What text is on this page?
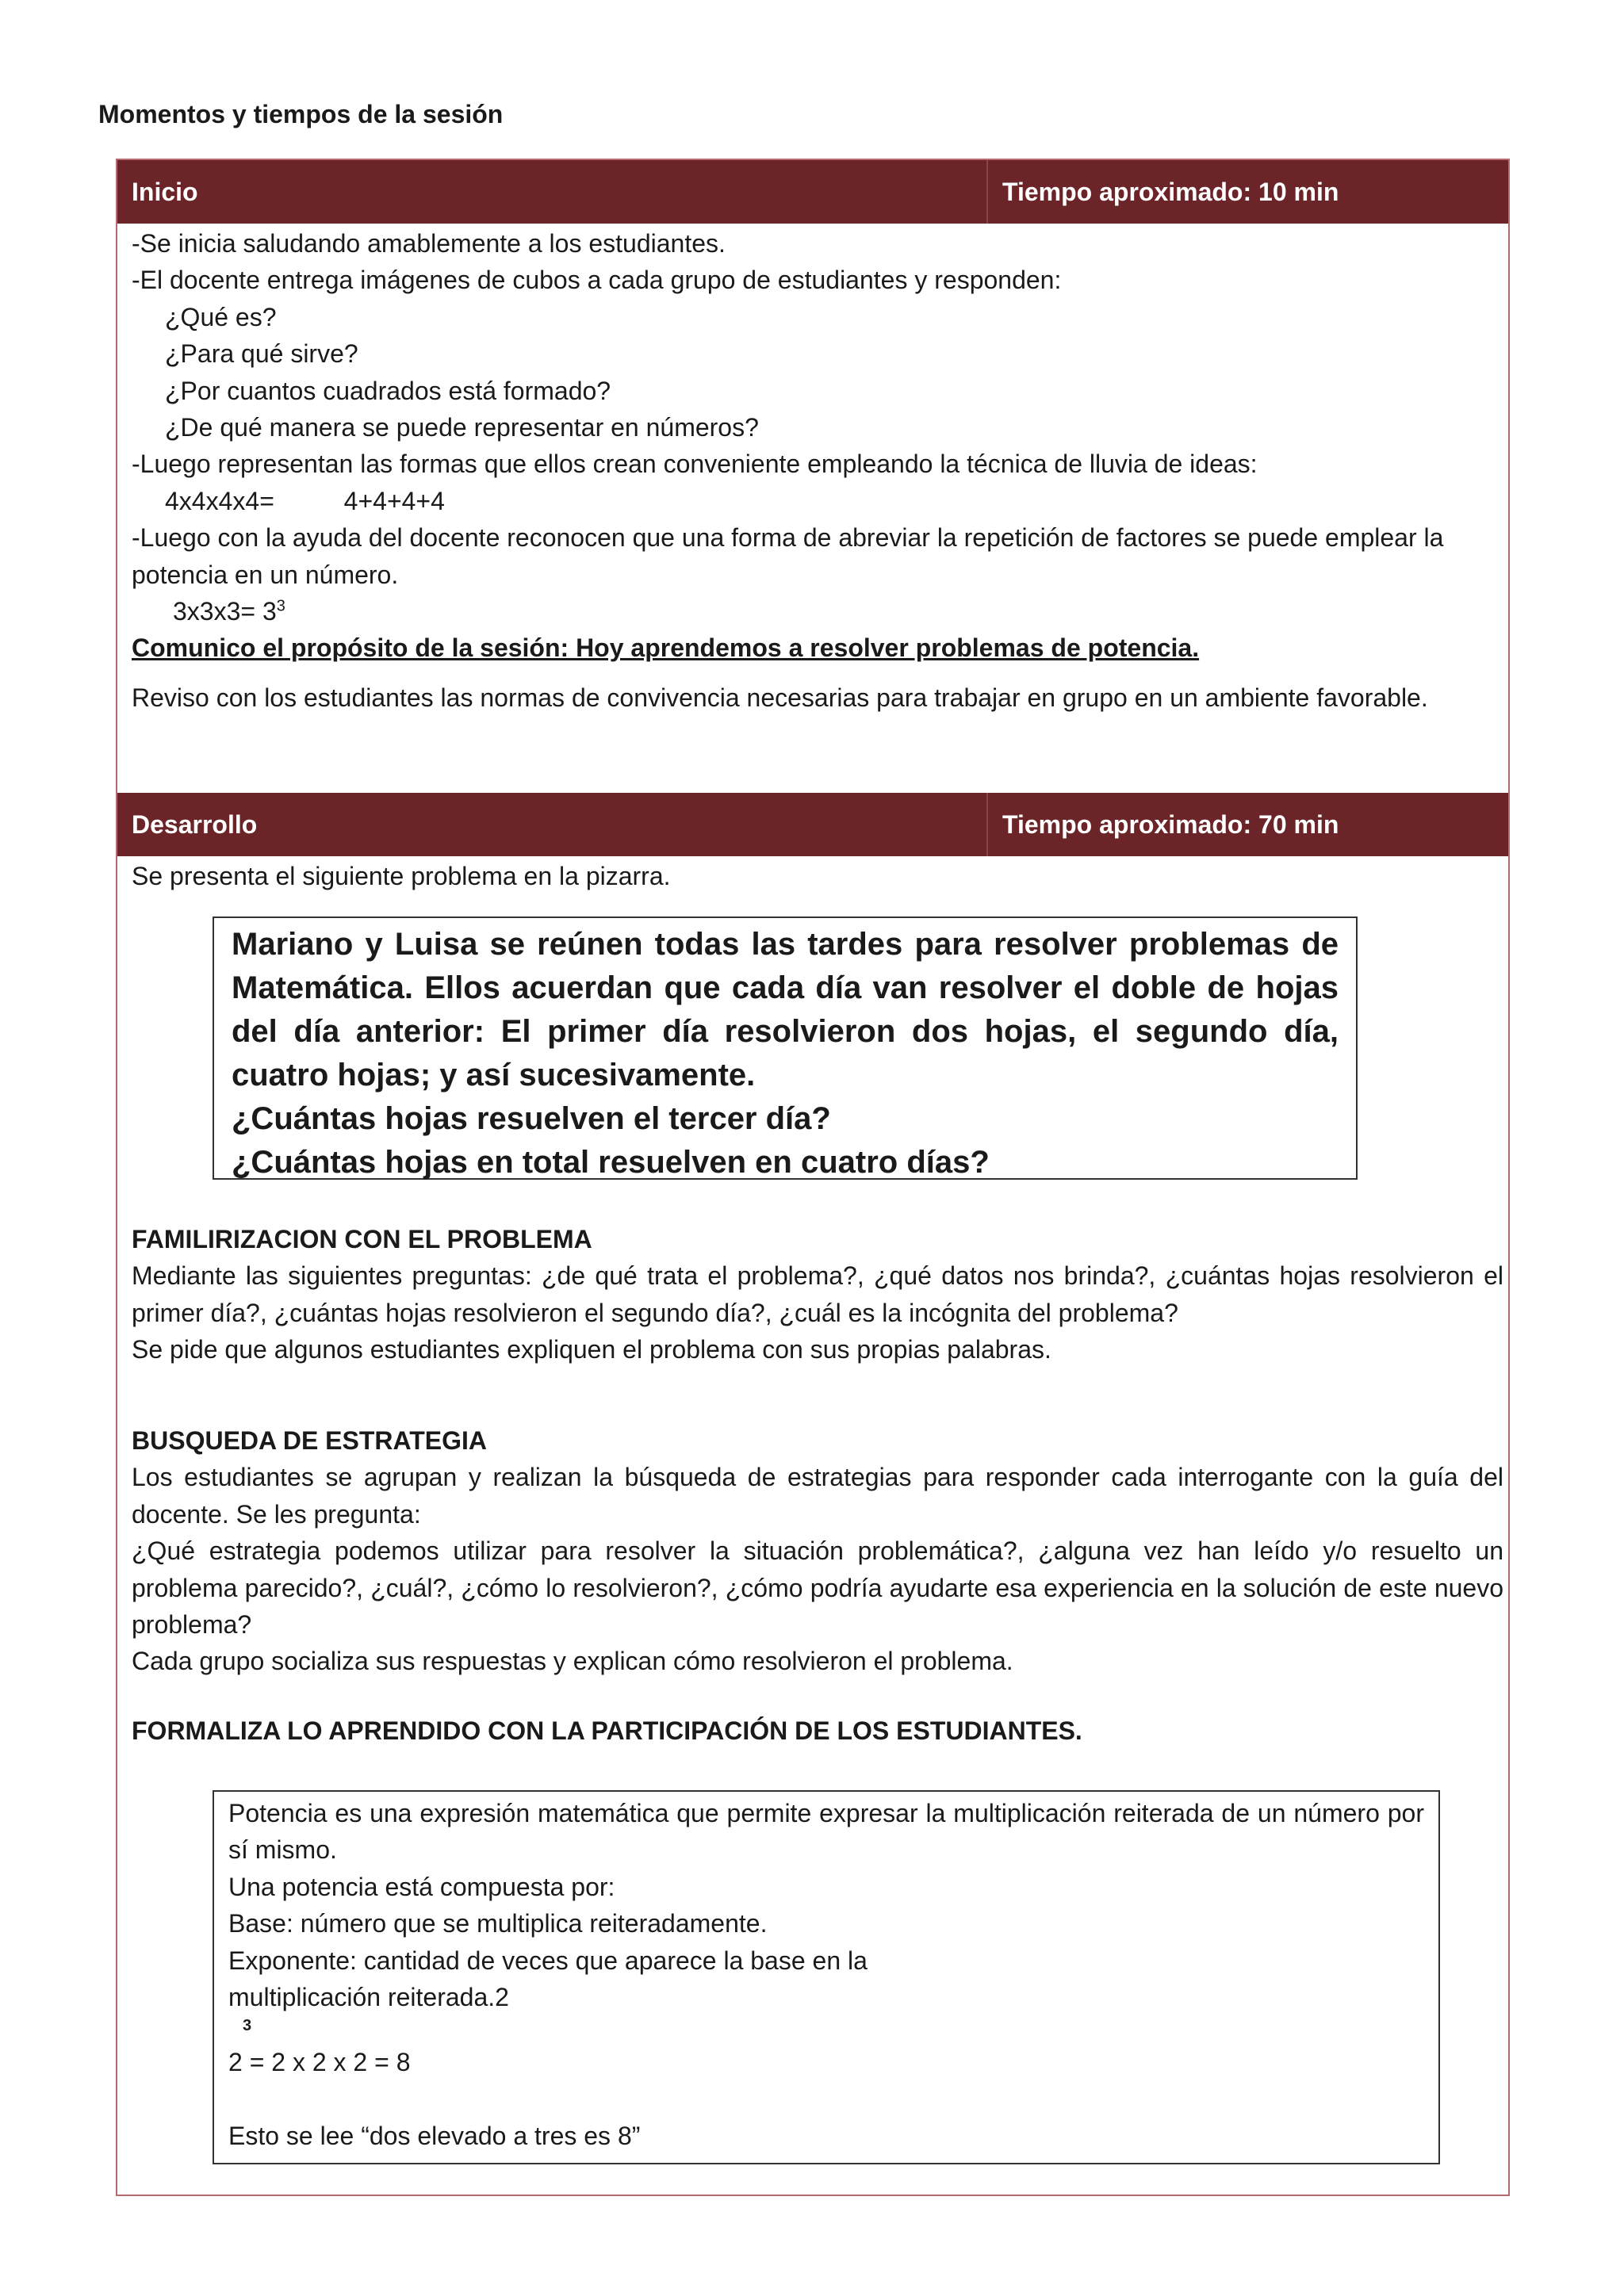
Momentos y tiempos de la sesión
Inicio	Tiempo aproximado: 10 min

-Se inicia saludando amablemente a los estudiantes.

-El docente entrega imágenes de cubos a cada grupo de estudiantes y responden:

¿Qué es?

¿Para qué sirve?

¿Por cuantos cuadrados está formado?

¿De qué manera se puede representar en números?

-Luego representan las formas que ellos crean conveniente empleando la técnica de lluvia de ideas:

4x4x4x4=	4+4+4+4

-Luego con la ayuda del docente reconocen que una forma de abreviar la repetición de factores se puede emplear la potencia en un número.

$3x3x3= 3^3$

Comunico el propósito de la sesión: Hoy aprendemos a resolver problemas de potencia.

Reviso con los estudiantes las normas de convivencia necesarias para trabajar en grupo en un ambiente favorable.

Desarrollo	Tiempo aproximado: 70 min

Se presenta el siguiente problema en la pizarra.

Mariano y Luisa se reúnen todas las tardes para resolver problemas de Matemática. Ellos acuerdan que cada día van resolver el doble de hojas del día anterior: El primer día resolvieron dos hojas, el segundo día, cuatro hojas; y así sucesivamente.

¿Cuántas hojas resuelven el tercer día?

¿Cuántas hojas en total resuelven en cuatro días?

FAMILIRIZACION CON EL PROBLEMA

Mediante las siguientes preguntas: ¿de qué trata el problema?, ¿qué datos nos brinda?, ¿cuántas hojas resolvieron el primer día?, ¿cuántas hojas resolvieron el segundo día?, ¿cuál es la incógnita del problema?

Se pide que algunos estudiantes expliquen el problema con sus propias palabras.

BUSQUEDA DE ESTRATEGIA

Los estudiantes se agrupan y realizan la búsqueda de estrategias para responder cada interrogante con la guía del docente. Se les pregunta:

¿Qué estrategia podemos utilizar para resolver la situación problemática?, ¿alguna vez han leído y/o resuelto un problema parecido?, ¿cuál?, ¿cómo lo resolvieron?, ¿cómo podría ayudarte esa experiencia en la solución de este nuevo problema?

Cada grupo socializa sus respuestas y explican cómo resolvieron el problema.

FORMALIZA LO APRENDIDO CON LA PARTICIPACIÓN DE LOS ESTUDIANTES.

Potencia es una expresión matemática que permite expresar la multiplicación reiterada de un número por sí mismo.

Una potencia está compuesta por:

Base: número que se multiplica reiteradamente.

Exponente: cantidad de veces que aparece la base en la

multiplicación reiterada.2

3

2 = 2 x 2 x 2 = 8

Esto se lee “dos elevado a tres es 8”
